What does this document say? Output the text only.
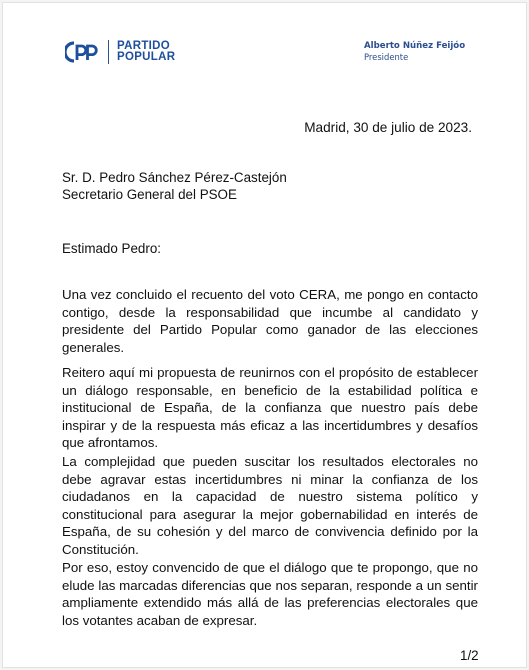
PARTIDO
POPULAR
Alberto Núñez Feijóo
Presidente
Madrid, 30 de julio de 2023.
Sr. D. Pedro Sánchez Pérez-Castejón
Secretario General del PSOE
Estimado Pedro:

Una vez concluido el recuento del voto CERA, me pongo en contacto contigo, desde la responsabilidad que incumbe al candidato y presidente del Partido Popular como ganador de las elecciones generales.

Reitero aquí mi propuesta de reunirnos con el propósito de establecer un diálogo responsable, en beneficio de la estabilidad política e institucional de España, de la confianza que nuestro país debe inspirar y de la respuesta más eficaz a las incertidumbres y desafíos que afrontamos.

La complejidad que pueden suscitar los resultados electorales no debe agravar estas incertidumbres ni minar la confianza de los ciudadanos en la capacidad de nuestro sistema político y constitucional para asegurar la mejor gobernabilidad en interés de España, de su cohesión y del marco de convivencia definido por la Constitución.

Por eso, estoy convencido de que el diálogo que te propongo, que no elude las marcadas diferencias que nos separan, responde a un sentir ampliamente extendido más allá de las preferencias electorales que los votantes acaban de expresar.

1/2
